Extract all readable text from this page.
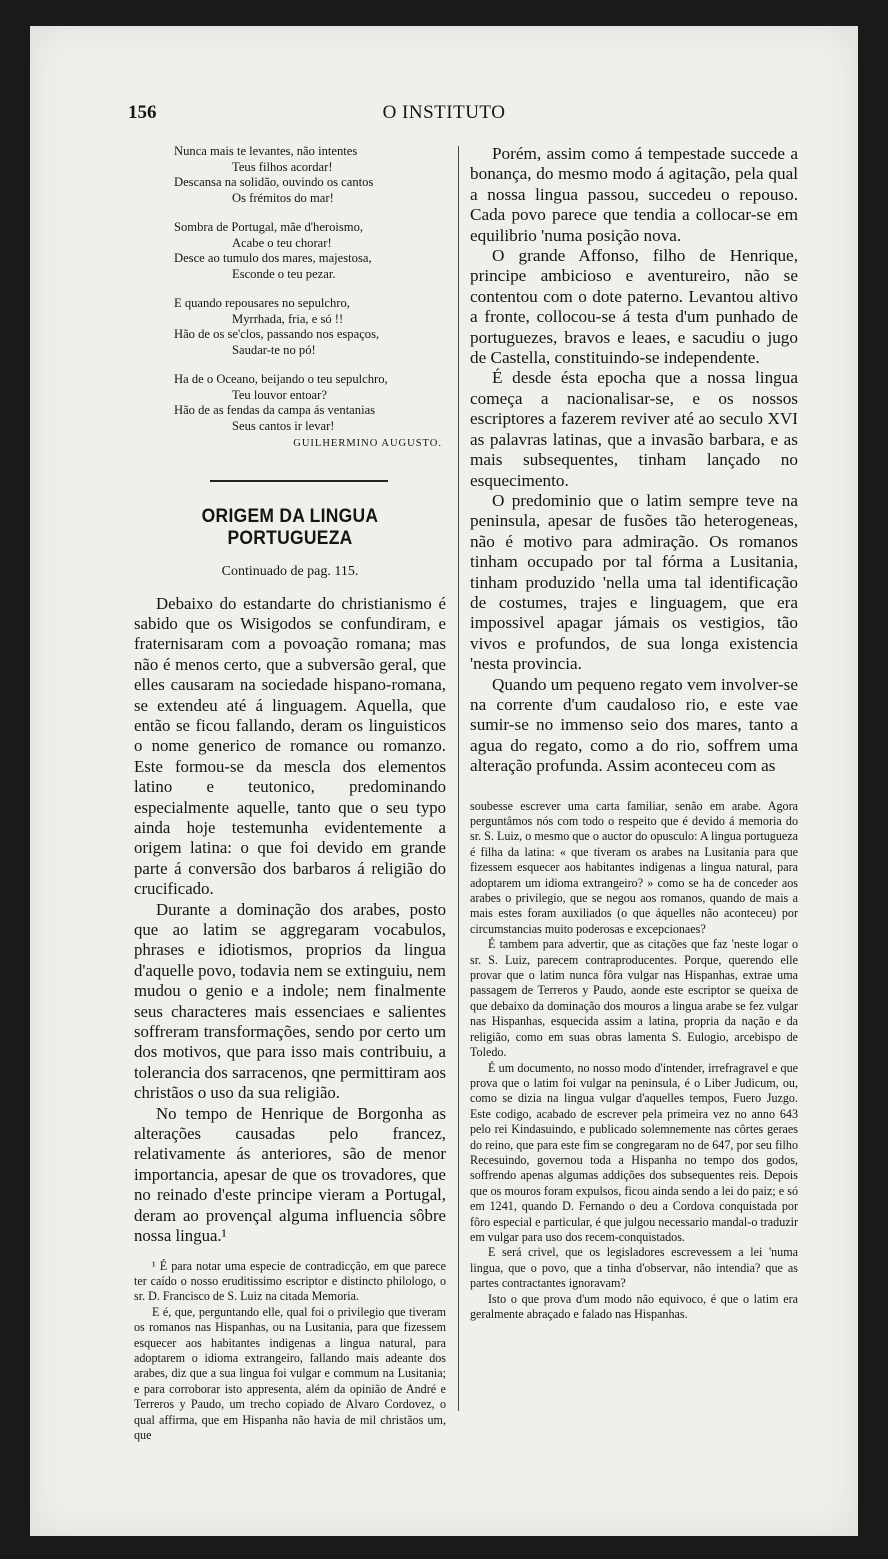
O INSTITUTO
156
Nunca mais te levantes, não intentes
Teus filhos acordar!
Descansa na solidão, ouvindo os cantos
Os frémitos do mar!
Sombra de Portugal, mãe d'heroismo,
Acabe o teu chorar!
Desce ao tumulo dos mares, majestosa,
Esconde o teu pezar.
E quando repousares no sepulchro,
Myrrhada, fria, e só !!
Hão de os se'clos, passando nos espaços,
Saudar-te no pó!
Ha de o Oceano, beijando o teu sepulchro,
Teu louvor entoar?
Hão de as fendas da campa ás ventanias
Seus cantos ir levar!
GUILHERMINO AUGUSTO.
ORIGEM DA LINGUA PORTUGUEZA
Continuado de pag. 115.

Debaixo do estandarte do christianismo é sabido que os Wisigodos se confundiram, e fraternisaram com a povoação romana; mas não é menos certo, que a subversão geral, que elles causaram na sociedade hispano-romana, se extendeu até á linguagem. Aquella, que então se ficou fallando, deram os linguisticos o nome generico de romance ou romanzo. Este formou-se da mescla dos elementos latino e teutonico, predominando especialmente aquelle, tanto que o seu typo ainda hoje testemunha evidentemente a origem latina: o que foi devido em grande parte á conversão dos barbaros á religião do crucificado.

Durante a dominação dos arabes, posto que ao latim se aggregaram vocabulos, phrases e idiotismos, proprios da lingua d'aquelle povo, todavia nem se extinguiu, nem mudou o genio e a indole; nem finalmente seus characteres mais essenciaes e salientes soffreram transformações, sendo por certo um dos motivos, que para isso mais contribuiu, a tolerancia dos sarracenos, qne permittiram aos christãos o uso da sua religião.

No tempo de Henrique de Borgonha as alterações causadas pelo francez, relativamente ás anteriores, são de menor importancia, apesar de que os trovadores, que no reinado d'este principe vieram a Portugal, deram ao provençal alguma influencia sôbre nossa lingua.¹

¹ É para notar uma especie de contradicção, em que parece ter caído o nosso eruditissimo escriptor e distincto philologo, o sr. D. Francisco de S. Luiz na citada Memoria.

E é, que, perguntando elle, qual foi o privilegio que tiveram os romanos nas Hispanhas, ou na Lusitania, para que fizessem esquecer aos habitantes indigenas a lingua natural, para adoptarem o idioma extrangeiro, fallando mais adeante dos arabes, diz que a sua lingua foi vulgar e commum na Lusitania; e para corroborar isto appresenta, além da opinião de André e Terreros y Paudo, um trecho copiado de Alvaro Cordovez, o qual affirma, que em Hispanha não havia de mil christãos um, que

Porém, assim como á tempestade succede a bonança, do mesmo modo á agitação, pela qual a nossa lingua passou, succedeu o repouso. Cada povo parece que tendia a collocar-se em equilibrio 'numa posição nova.

O grande Affonso, filho de Henrique, principe ambicioso e aventureiro, não se contentou com o dote paterno. Levantou altivo a fronte, collocou-se á testa d'um punhado de portuguezes, bravos e leaes, e sacudiu o jugo de Castella, constituindo-se independente.

É desde ésta epocha que a nossa lingua começa a nacionalisar-se, e os nossos escriptores a fazerem reviver até ao seculo XVI as palavras latinas, que a invasão barbara, e as mais subsequentes, tinham lançado no esquecimento.

O predominio que o latim sempre teve na peninsula, apesar de fusões tão heterogeneas, não é motivo para admiração. Os romanos tinham occupado por tal fórma a Lusitania, tinham produzido 'nella uma tal identificação de costumes, trajes e linguagem, que era impossivel apagar jámais os vestigios, tão vivos e profundos, de sua longa existencia 'nesta provincia.

Quando um pequeno regato vem involver-se na corrente d'um caudaloso rio, e este vae sumir-se no immenso seio dos mares, tanto a agua do regato, como a do rio, soffrem uma alteração profunda. Assim aconteceu com as

soubesse escrever uma carta familiar, senão em arabe. Agora perguntâmos nós com todo o respeito que é devido á memoria do sr. S. Luiz, o mesmo que o auctor do opusculo: A lingua portugueza é filha da latina: « que tiveram os arabes na Lusitania para que fizessem esquecer aos habitantes indigenas a lingua natural, para adoptarem um idioma extrangeiro? » como se ha de conceder aos arabes o privilegio, que se negou aos romanos, quando de mais a mais estes foram auxiliados (o que áquelles não aconteceu) por circumstancias muito poderosas e excepcionaes?

É tambem para advertir, que as citações que faz 'neste logar o sr. S. Luiz, parecem contraproducentes. Porque, querendo elle provar que o latim nunca fôra vulgar nas Hispanhas, extrae uma passagem de Terreros y Paudo, aonde este escriptor se queixa de que debaixo da dominação dos mouros a lingua arabe se fez vulgar nas Hispanhas, esquecida assim a latina, propria da nação e da religião, como em suas obras lamenta S. Eulogio, arcebispo de Toledo.

É um documento, no nosso modo d'intender, irrefragravel e que prova que o latim foi vulgar na peninsula, é o Liber Judicum, ou, como se dizia na lingua vulgar d'aquelles tempos, Fuero Juzgo. Este codigo, acabado de escrever pela primeira vez no anno 643 pelo rei Kindasuindo, e publicado solemnemente nas côrtes geraes do reino, que para este fim se congregaram no de 647, por seu filho Recesuindo, governou toda a Hispanha no tempo dos godos, soffrendo apenas algumas addições dos subsequentes reis. Depois que os mouros foram expulsos, ficou ainda sendo a lei do paiz; e só em 1241, quando D. Fernando o deu a Cordova conquistada por fôro especial e particular, é que julgou necessario mandal-o traduzir em vulgar para uso dos recem-conquistados.

E será crivel, que os legisladores escrevessem a lei 'numa lingua, que o povo, que a tinha d'observar, não intendia? que as partes contractantes ignoravam?

Isto o que prova d'um modo não equivoco, é que o latim era geralmente abraçado e falado nas Hispanhas.
